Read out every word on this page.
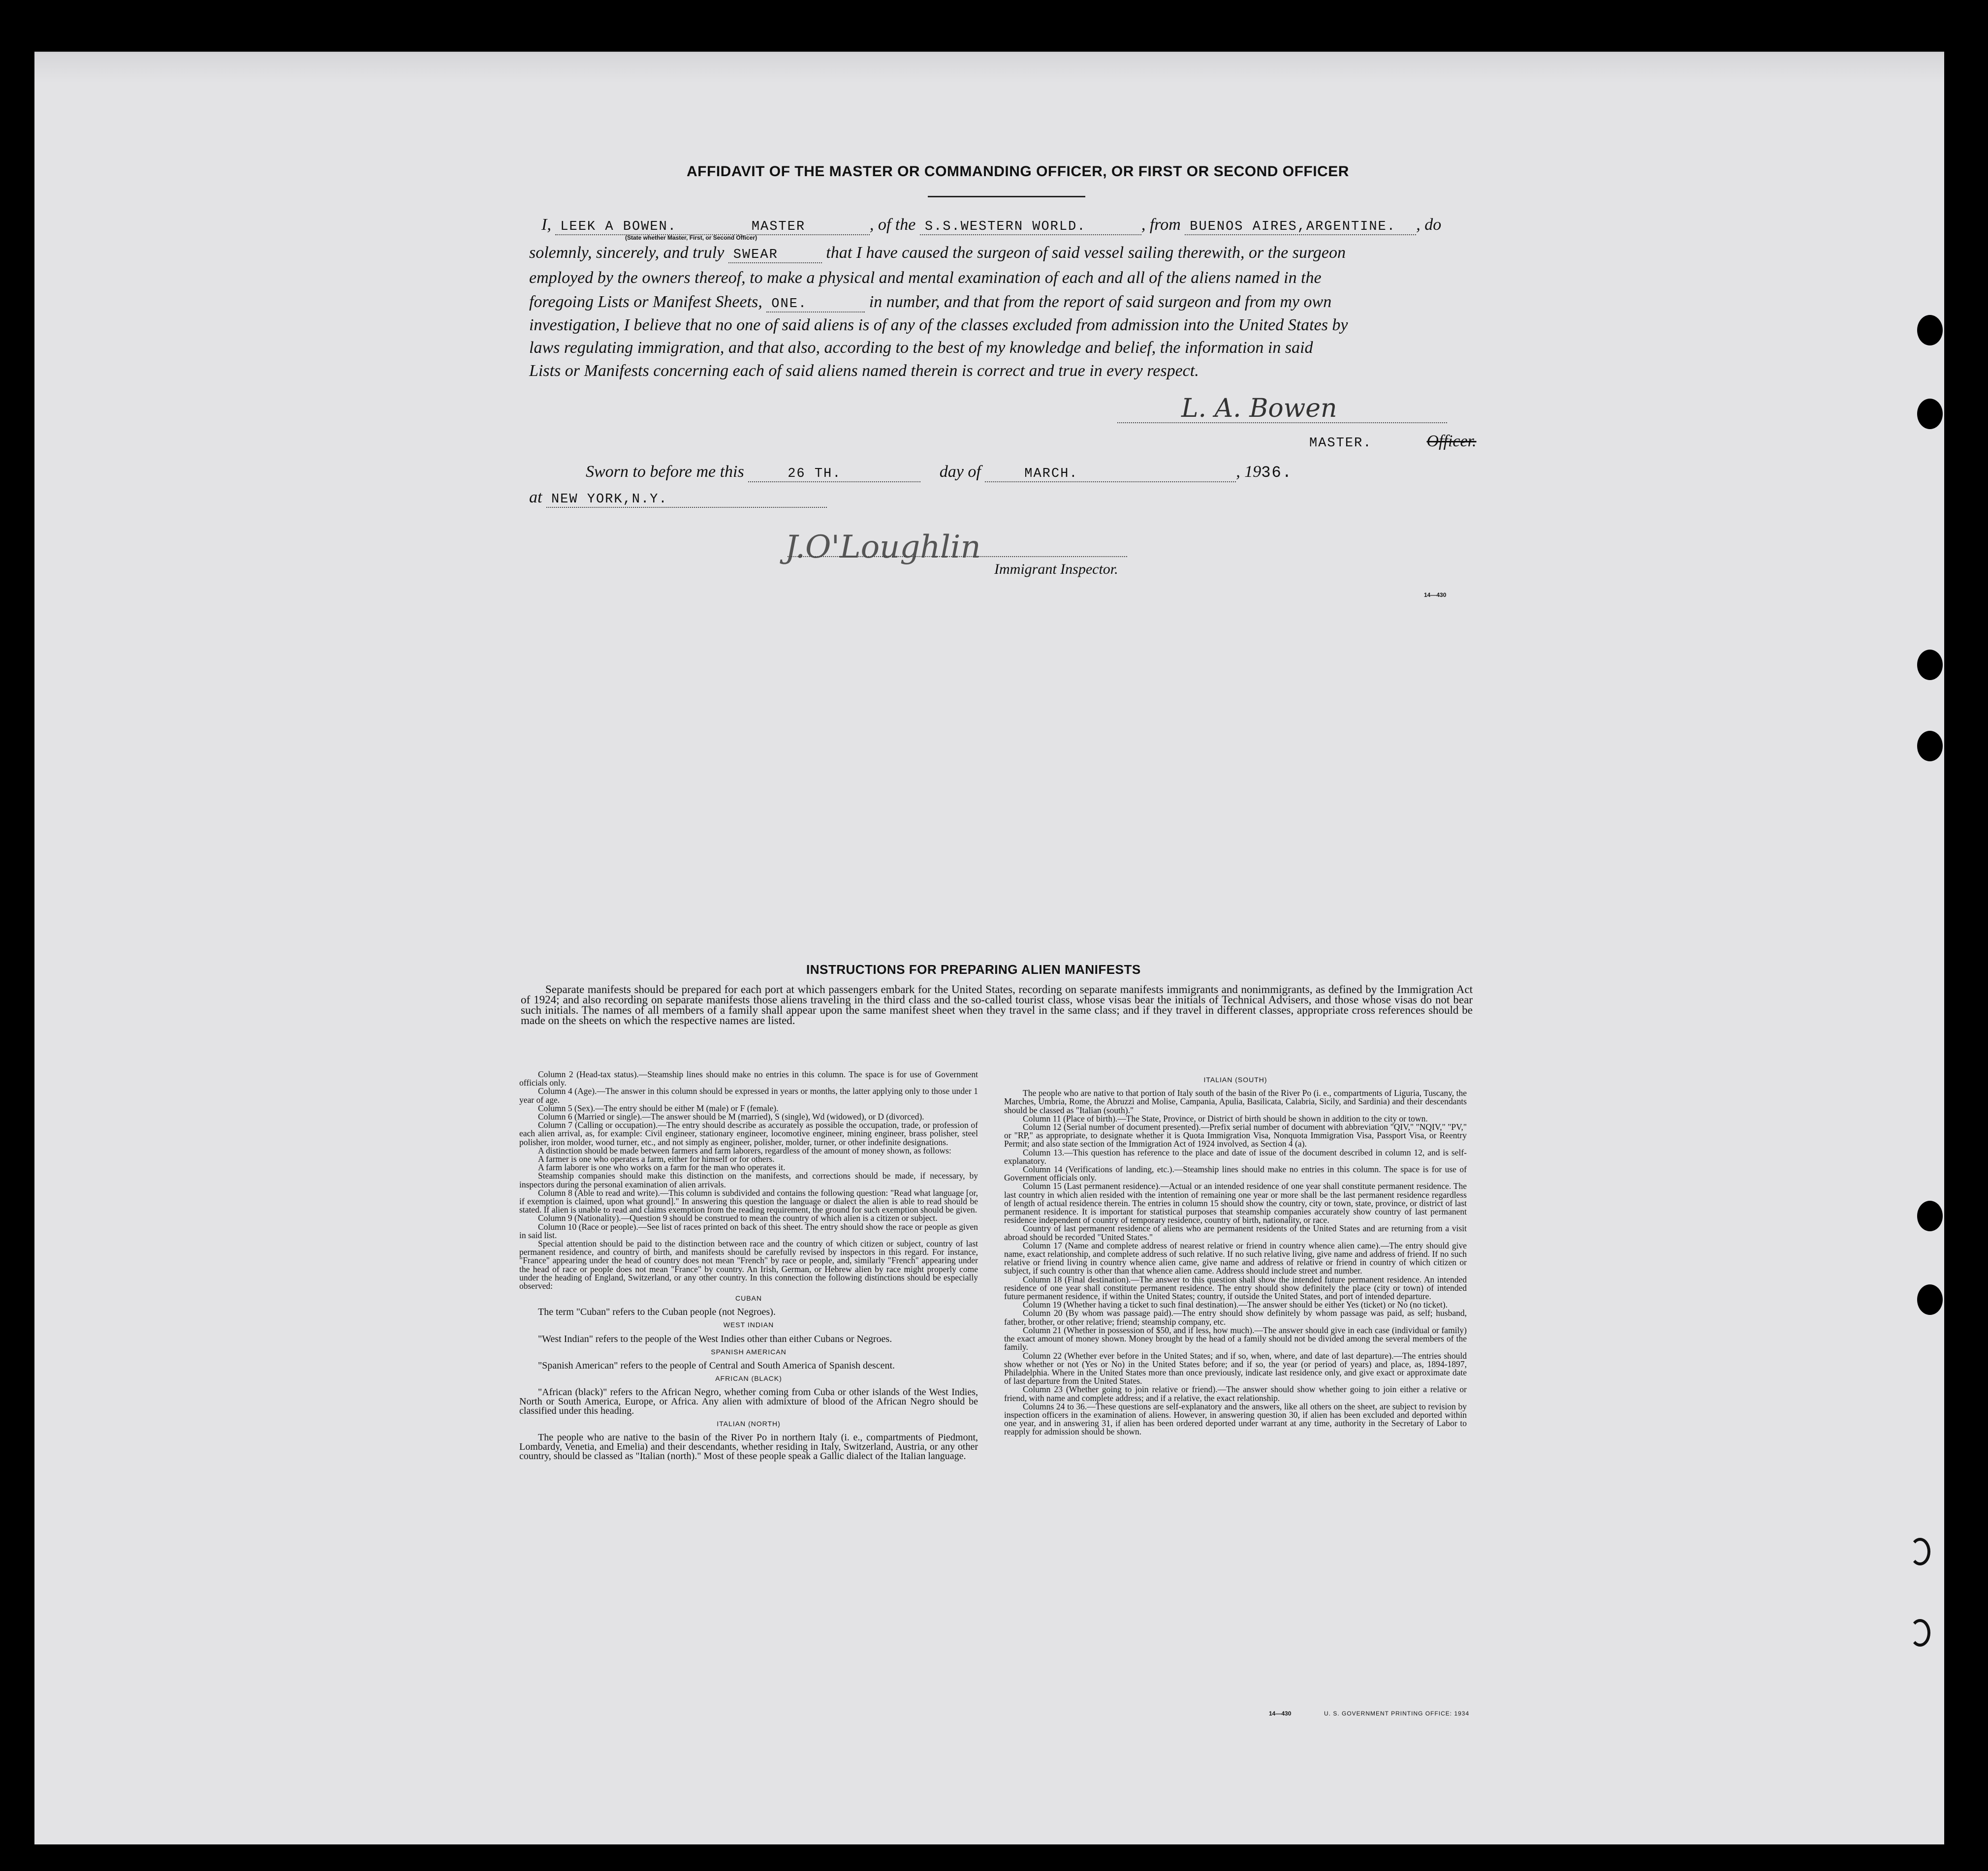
AFFIDAVIT OF THE MASTER OR COMMANDING OFFICER, OR FIRST OR SECOND OFFICER
I, LEEK A BOWEN.	MASTER	, of the S.S.WESTERN WORLD.	, from BUENOS AIRES,ARGENTINE. , do
(State whether Master, First, or Second Officer)
solemnly, sincerely, and truly SWEAR	that I have caused the surgeon of said vessel sailing therewith, or the surgeon
employed by the owners thereof, to make a physical and mental examination of each and all of the aliens named in the
foregoing Lists or Manifest Sheets, ONE.	in number, and that from the report of said surgeon and from my own
investigation, I believe that no one of said aliens is of any of the classes excluded from admission into the United States by
laws regulating immigration, and that also, according to the best of my knowledge and belief, the information in said
Lists or Manifests concerning each of said aliens named therein is correct and true in every respect.
L. A. Bowen
MASTER.	Officer.
Sworn to before me this	26 TH.	day of	MARCH.	, 1936.
at NEW YORK,N.Y.
J.O'Loughlin
Immigrant Inspector.
14—430
INSTRUCTIONS FOR PREPARING ALIEN MANIFESTS
Separate manifests should be prepared for each port at which passengers embark for the United States, recording on separate manifests immigrants and nonimmigrants, as defined by the Immigration Act of 1924; and also recording on separate manifests those aliens traveling in the third class and the so-called tourist class, whose visas bear the initials of Technical Advisers, and those whose visas do not bear such initials. The names of all members of a family shall appear upon the same manifest sheet when they travel in the same class; and if they travel in different classes, appropriate cross references should be made on the sheets on which the respective names are listed.

Column 2 (Head-tax status).—Steamship lines should make no entries in this column. The space is for use of Government officials only.

Column 4 (Age).—The answer in this column should be expressed in years or months, the latter applying only to those under 1 year of age.

Column 5 (Sex).—The entry should be either M (male) or F (female).

Column 6 (Married or single).—The answer should be M (married), S (single), Wd (widowed), or D (divorced).

Column 7 (Calling or occupation).—The entry should describe as accurately as possible the occupation, trade, or profession of each alien arrival, as, for example: Civil engineer, stationary engineer, locomotive engineer, mining engineer, brass polisher, steel polisher, iron molder, wood turner, etc., and not simply as engineer, polisher, molder, turner, or other indefinite designations.

A distinction should be made between farmers and farm laborers, regardless of the amount of money shown, as follows:

A farmer is one who operates a farm, either for himself or for others.

A farm laborer is one who works on a farm for the man who operates it.

Steamship companies should make this distinction on the manifests, and corrections should be made, if necessary, by inspectors during the personal examination of alien arrivals.

Column 8 (Able to read and write).—This column is subdivided and contains the following question: "Read what language [or, if exemption is claimed, upon what ground]." In answering this question the language or dialect the alien is able to read should be stated. If alien is unable to read and claims exemption from the reading requirement, the ground for such exemption should be given.

Column 9 (Nationality).—Question 9 should be construed to mean the country of which alien is a citizen or subject.

Column 10 (Race or people).—See list of races printed on back of this sheet. The entry should show the race or people as given in said list.

Special attention should be paid to the distinction between race and the country of which citizen or subject, country of last permanent residence, and country of birth, and manifests should be carefully revised by inspectors in this regard. For instance, "France" appearing under the head of country does not mean "French" by race or people, and, similarly "French" appearing under the head of race or people does not mean "France" by country. An Irish, German, or Hebrew alien by race might properly come under the heading of England, Switzerland, or any other country. In this connection the following distinctions should be especially observed:

CUBAN

The term "Cuban" refers to the Cuban people (not Negroes).

WEST INDIAN

"West Indian" refers to the people of the West Indies other than either Cubans or Negroes.

SPANISH AMERICAN

"Spanish American" refers to the people of Central and South America of Spanish descent.

AFRICAN (BLACK)

"African (black)" refers to the African Negro, whether coming from Cuba or other islands of the West Indies, North or South America, Europe, or Africa. Any alien with admixture of blood of the African Negro should be classified under this heading.

ITALIAN (NORTH)

The people who are native to the basin of the River Po in northern Italy (i. e., compartments of Piedmont, Lombardy, Venetia, and Emelia) and their descendants, whether residing in Italy, Switzerland, Austria, or any other country, should be classed as "Italian (north)." Most of these people speak a Gallic dialect of the Italian language.

ITALIAN (SOUTH)

The people who are native to that portion of Italy south of the basin of the River Po (i. e., compartments of Liguria, Tuscany, the Marches, Umbria, Rome, the Abruzzi and Molise, Campania, Apulia, Basilicata, Calabria, Sicily, and Sardinia) and their descendants should be classed as "Italian (south)."

Column 11 (Place of birth).—The State, Province, or District of birth should be shown in addition to the city or town.

Column 12 (Serial number of document presented).—Prefix serial number of document with abbreviation "QIV," "NQIV," "PV," or "RP," as appropriate, to designate whether it is Quota Immigration Visa, Nonquota Immigration Visa, Passport Visa, or Reentry Permit; and also state section of the Immigration Act of 1924 involved, as Section 4 (a).

Column 13.—This question has reference to the place and date of issue of the document described in column 12, and is self-explanatory.

Column 14 (Verifications of landing, etc.).—Steamship lines should make no entries in this column. The space is for use of Government officials only.

Column 15 (Last permanent residence).—Actual or an intended residence of one year shall constitute permanent residence. The last country in which alien resided with the intention of remaining one year or more shall be the last permanent residence regardless of length of actual residence therein. The entries in column 15 should show the country, city or town, state, province, or district of last permanent residence. It is important for statistical purposes that steamship companies accurately show country of last permanent residence independent of country of temporary residence, country of birth, nationality, or race.

Country of last permanent residence of aliens who are permanent residents of the United States and are returning from a visit abroad should be recorded "United States."

Column 17 (Name and complete address of nearest relative or friend in country whence alien came).—The entry should give name, exact relationship, and complete address of such relative. If no such relative living, give name and address of friend. If no such relative or friend living in country whence alien came, give name and address of relative or friend in country of which citizen or subject, if such country is other than that whence alien came. Address should include street and number.

Column 18 (Final destination).—The answer to this question shall show the intended future permanent residence. An intended residence of one year shall constitute permanent residence. The entry should show definitely the place (city or town) of intended future permanent residence, if within the United States; country, if outside the United States, and port of intended departure.

Column 19 (Whether having a ticket to such final destination).—The answer should be either Yes (ticket) or No (no ticket).

Column 20 (By whom was passage paid).—The entry should show definitely by whom passage was paid, as self; husband, father, brother, or other relative; friend; steamship company, etc.

Column 21 (Whether in possession of $50, and if less, how much).—The answer should give in each case (individual or family) the exact amount of money shown. Money brought by the head of a family should not be divided among the several members of the family.

Column 22 (Whether ever before in the United States; and if so, when, where, and date of last departure).—The entries should show whether or not (Yes or No) in the United States before; and if so, the year (or period of years) and place, as, 1894-1897, Philadelphia. Where in the United States more than once previously, indicate last residence only, and give exact or approximate date of last departure from the United States.

Column 23 (Whether going to join relative or friend).—The answer should show whether going to join either a relative or friend, with name and complete address; and if a relative, the exact relationship.

Columns 24 to 36.—These questions are self-explanatory and the answers, like all others on the sheet, are subject to revision by inspection officers in the examination of aliens. However, in answering question 30, if alien has been excluded and deported within one year, and in answering 31, if alien has been ordered deported under warrant at any time, authority in the Secretary of Labor to reapply for admission should be shown.

14—430	U. S. GOVERNMENT PRINTING OFFICE: 1934
